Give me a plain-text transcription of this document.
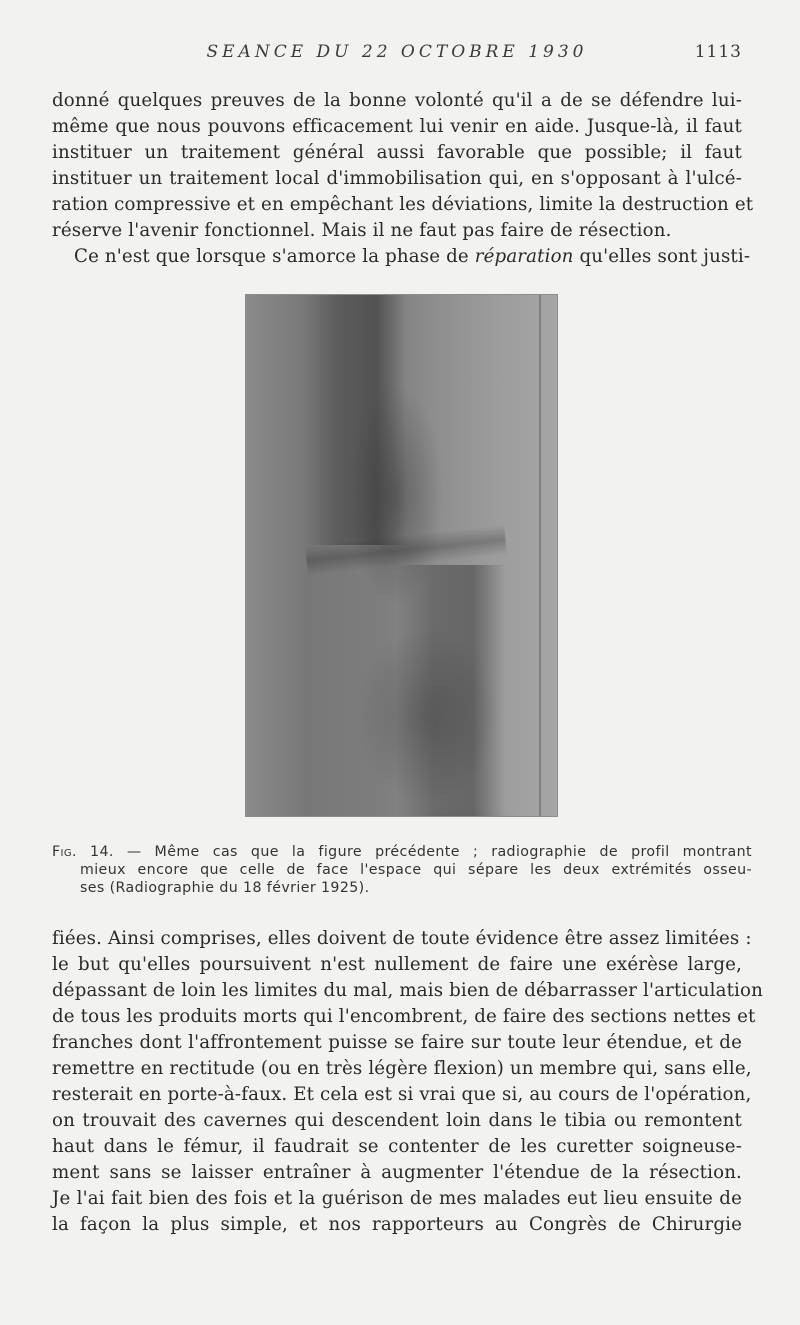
SEANCE DU 22 OCTOBRE 1930	1113
donné quelques preuves de la bonne volonté qu'il a de se défendre lui-
même que nous pouvons efficacement lui venir en aide. Jusque-là, il faut
instituer un traitement général aussi favorable que possible; il faut
instituer un traitement local d'immobilisation qui, en s'opposant à l'ulcé-
ration compressive et en empêchant les déviations, limite la destruction et
réserve l'avenir fonctionnel. Mais il ne faut pas faire de résection.
Ce n'est que lorsque s'amorce la phase de réparation qu'elles sont justi-
Fig. 14. — Même cas que la figure précédente ; radiographie de profil montrant
mieux encore que celle de face l'espace qui sépare les deux extrémités osseu-
ses (Radiographie du 18 février 1925).
fiées. Ainsi comprises, elles doivent de toute évidence être assez limitées :
le but qu'elles poursuivent n'est nullement de faire une exérèse large,
dépassant de loin les limites du mal, mais bien de débarrasser l'articulation
de tous les produits morts qui l'encombrent, de faire des sections nettes et
franches dont l'affrontement puisse se faire sur toute leur étendue, et de
remettre en rectitude (ou en très légère flexion) un membre qui, sans elle,
resterait en porte-à-faux. Et cela est si vrai que si, au cours de l'opération,
on trouvait des cavernes qui descendent loin dans le tibia ou remontent
haut dans le fémur, il faudrait se contenter de les curetter soigneuse-
ment sans se laisser entraîner à augmenter l'étendue de la résection.
Je l'ai fait bien des fois et la guérison de mes malades eut lieu ensuite de
la façon la plus simple, et nos rapporteurs au Congrès de Chirurgie
